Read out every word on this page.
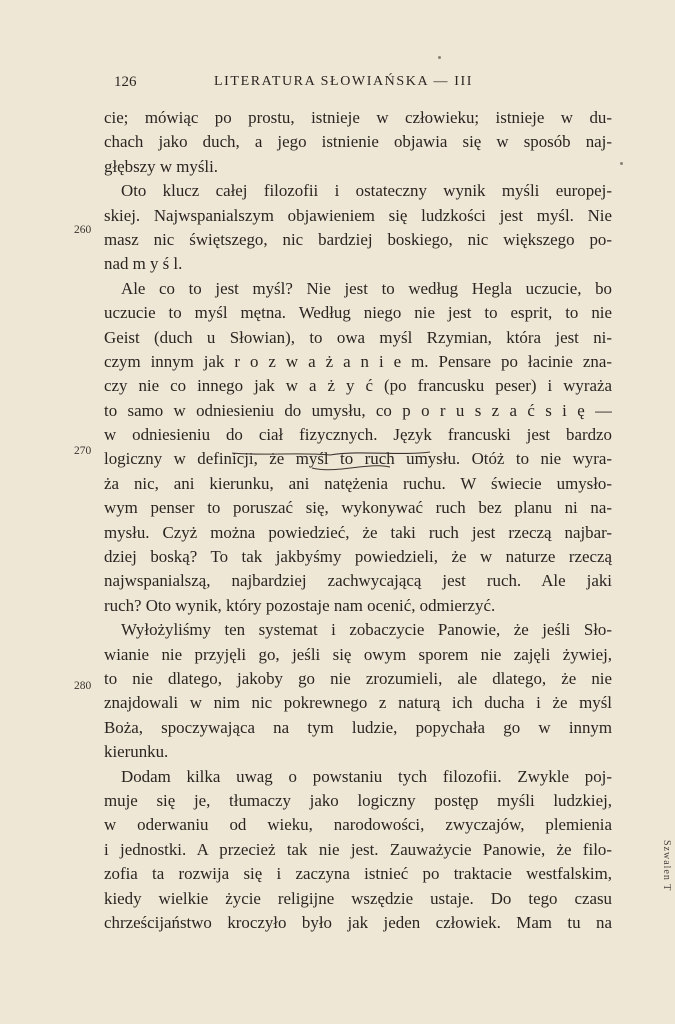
126	LITERATURA SŁOWIAŃSKA — III
260
270
280
cie; mówiąc po prostu, istnieje w człowieku; istnieje w du-
chach jako duch, a jego istnienie objawia się w sposób naj-
głębszy w myśli.
Oto klucz całej filozofii i ostateczny wynik myśli europej-
skiej. Najwspanialszym objawieniem się ludzkości jest myśl. Nie
masz nic świętszego, nic bardziej boskiego, nic większego po-
nad m y ś l.
Ale co to jest myśl? Nie jest to według Hegla uczucie, bo
uczucie to myśl mętna. Według niego nie jest to esprit, to nie
Geist (duch u Słowian), to owa myśl Rzymian, która jest ni-
czym innym jak r o z w a ż a n i e m. Pensare po łacinie zna-
czy nie co innego jak w a ż y ć (po francusku peser) i wyraża
to samo w odniesieniu do umysłu, co p o r u s z a ć s i ę —
w odniesieniu do ciał fizycznych. Język francuski jest bardzo
logiczny w definicji, że myśl to ruch umysłu. Otóż to nie wyra-
ża nic, ani kierunku, ani natężenia ruchu. W świecie umysło-
wym penser to poruszać się, wykonywać ruch bez planu ni na-
mysłu. Czyż można powiedzieć, że taki ruch jest rzeczą najbar-
dziej boską? To tak jakbyśmy powiedzieli, że w naturze rzeczą
najwspanialszą, najbardziej zachwycającą jest ruch. Ale jaki
ruch? Oto wynik, który pozostaje nam ocenić, odmierzyć.
Wyłożyliśmy ten systemat i zobaczycie Panowie, że jeśli Sło-
wianie nie przyjęli go, jeśli się owym sporem nie zajęli żywiej,
to nie dlatego, jakoby go nie zrozumieli, ale dlatego, że nie
znajdowali w nim nic pokrewnego z naturą ich ducha i że myśl
Boża, spoczywająca na tym ludzie, popychała go w innym
kierunku.
Dodam kilka uwag o powstaniu tych filozofii. Zwykle poj-
muje się je, tłumaczy jako logiczny postęp myśli ludzkiej,
w oderwaniu od wieku, narodowości, zwyczajów, plemienia
i jednostki. A przecież tak nie jest. Zauważycie Panowie, że filo-
zofia ta rozwija się i zaczyna istnieć po traktacie westfalskim,
kiedy wielkie życie religijne wszędzie ustaje. Do tego czasu
chrześcijaństwo kroczyło było jak jeden człowiek. Mam tu na
Szwalen T
